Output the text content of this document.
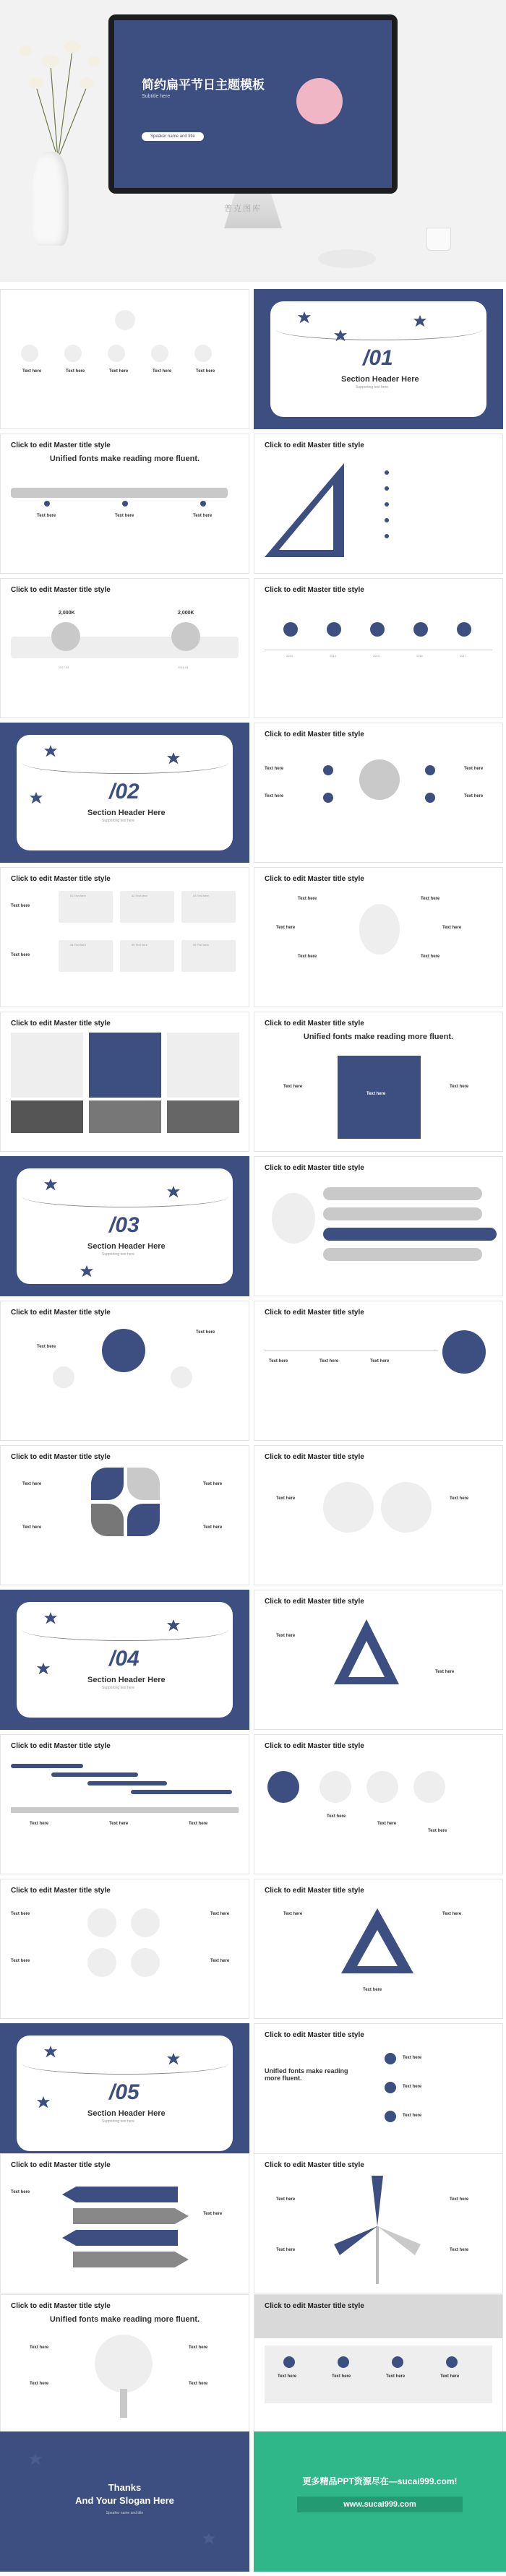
简约扁平节日主题模板
Subtitle here
Speaker name and title
普克图库
Text here	Text here	Text here	Text here	Text here
/01
Section Header Here
Supporting text here
Click to edit Master title style
Unified fonts make reading more fluent.
Text here	Text here	Text here
Click to edit Master title style
Click to edit Master title style
2,000K	2,000K
2017.04	2018.04
Click to edit Master title style
2013	2014	2015	2016	2017
/02
Section Header Here
Supporting text here
Click to edit Master title style
Text here
Text here
Text here
Text here
Click to edit Master title style
01 Text here	02 Text here	03 Text here
04 Text here	05 Text here	06 Text here
Text here
Text here
Click to edit Master title style
Text here
Text here
Text here
Text here
Text here
Text here
Click to edit Master title style	Click to edit Master title style
Unified fonts make reading more fluent.
Text here
Text here	Text here
/03
Section Header Here
Supporting text here
Click to edit Master title style
Click to edit Master title style
Text here
Text here
Click to edit Master title style
Text here	Text here	Text here
Click to edit Master title style
Text here	Text here
Text here	Text here
Click to edit Master title style
Text here	Text here
/04
Section Header Here
Supporting text here
Click to edit Master title style
Text here
Text here
Click to edit Master title style
Text here	Text here	Text here
Click to edit Master title style
Text here
Text here
Text here
Click to edit Master title style
Text here	Text here
Text here	Text here
Click to edit Master title style
Text here	Text here
Text here
/05
Section Header Here
Supporting text here
Click to edit Master title style
Unified fonts make reading more fluent.
Text here
Text here
Text here
Click to edit Master title style
Text here
Text here
Click to edit Master title style
Text here	Text here
Text here	Text here
Click to edit Master title style
Unified fonts make reading more fluent.
Text here
Text here
Text here
Text here
Click to edit Master title style
Text here	Text here	Text here	Text here
Thanks
And Your Slogan Here
Speaker name and title
更多精品PPT资源尽在—sucai999.com!
www.sucai999.com
